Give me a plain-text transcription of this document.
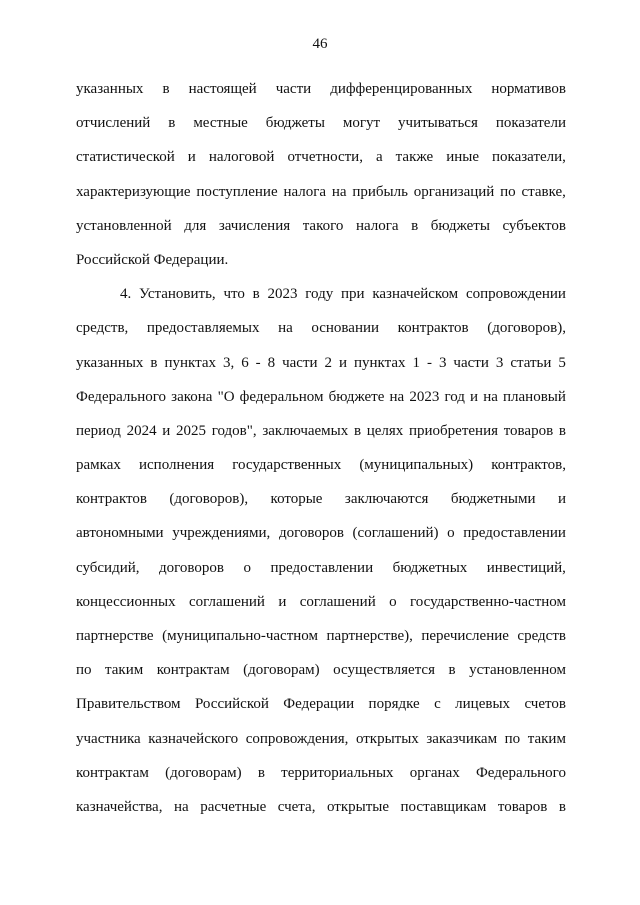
46
указанных в настоящей части дифференцированных нормативов
отчислений в местные бюджеты могут учитываться показатели
статистической и налоговой отчетности, а также иные показатели,
характеризующие поступление налога на прибыль организаций по ставке,
установленной для зачисления такого налога в бюджеты субъектов
Российской Федерации.
4. Установить, что в 2023 году при казначейском сопровождении
средств, предоставляемых на основании контрактов (договоров),
указанных в пунктах 3, 6 - 8 части 2 и пунктах 1 - 3 части 3 статьи 5
Федерального закона "О федеральном бюджете на 2023 год и на плановый
период 2024 и 2025 годов", заключаемых в целях приобретения товаров в
рамках исполнения государственных (муниципальных) контрактов,
контрактов (договоров), которые заключаются бюджетными и
автономными учреждениями, договоров (соглашений) о предоставлении
субсидий, договоров о предоставлении бюджетных инвестиций,
концессионных соглашений и соглашений о государственно-частном
партнерстве (муниципально-частном партнерстве), перечисление средств
по таким контрактам (договорам) осуществляется в установленном
Правительством Российской Федерации порядке с лицевых счетов
участника казначейского сопровождения, открытых заказчикам по таким
контрактам (договорам) в территориальных органах Федерального
казначейства, на расчетные счета, открытые поставщикам товаров в
